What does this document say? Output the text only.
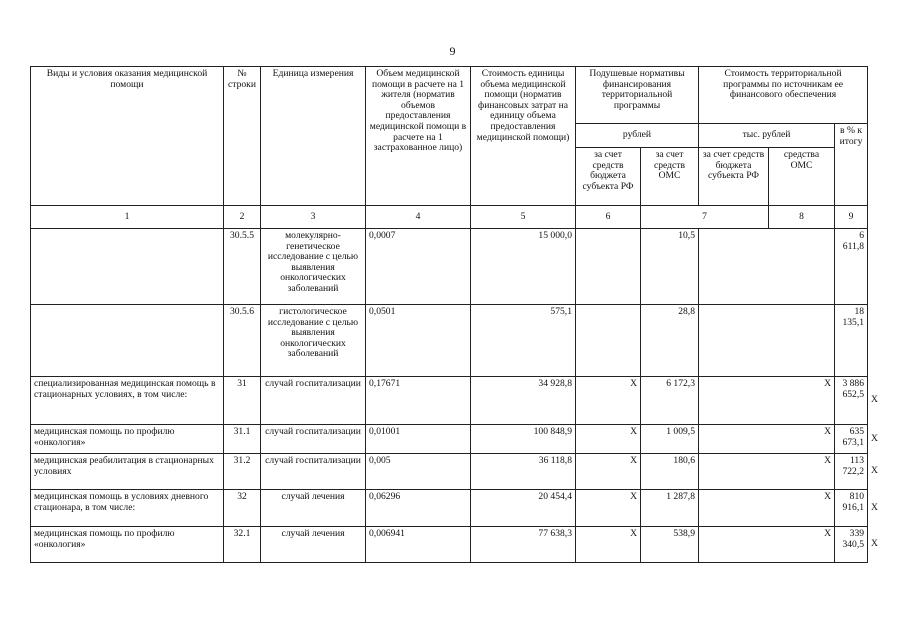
9
Виды и условия оказания медицинской помощи	№ строки	Единица измерения	Объем медицинской помощи в расчете на 1 жителя (норматив объемов предоставления медицинской помощи в расчете на 1 застрахованное лицо)	Стоимость единицы объема медицинской помощи (норматив финансовых затрат на единицу объема предоставления медицинской помощи)	Подушевые нормативы финансирования территориальной программы		Стоимость территориальной программы по источникам ее финансового обеспечения			
					рублей		тыс. рублей		в % к итогу	
					за счет средств бюджета субъекта РФ	за счет средств ОМС	за счет средств бюджета субъекта РФ	средства ОМС		
1	2	3	4	5	6	7		8	9	
	30.5.5	молекулярно-генетическое исследование с целью выявления онкологических заболеваний	0,0007	15 000,0		10,5			6 611,8	
	30.5.6	гистологическое исследование с целью выявления онкологических заболеваний	0,0501	575,1		28,8			18 135,1	
специализированная медицинская помощь в стационарных условиях, в том числе:	31	случай госпитализации	0,17671	34 928,8	X	6 172,3	X		3 886 652,5	X
медицинская помощь по профилю «онкология»	31.1	случай госпитализации	0,01001	100 848,9	X	1 009,5	X		635 673,1	X
медицинская реабилитация в стационарных условиях	31.2	случай госпитализации	0,005	36 118,8	X	180,6	X		113 722,2	X
медицинская помощь в условиях дневного стационара, в том числе:	32	случай лечения	0,06296	20 454,4	X	1 287,8	X		810 916,1	X
медицинская помощь по профилю «онкология»	32.1	случай лечения	0,006941	77 638,3	X	538,9	X		339 340,5	X
